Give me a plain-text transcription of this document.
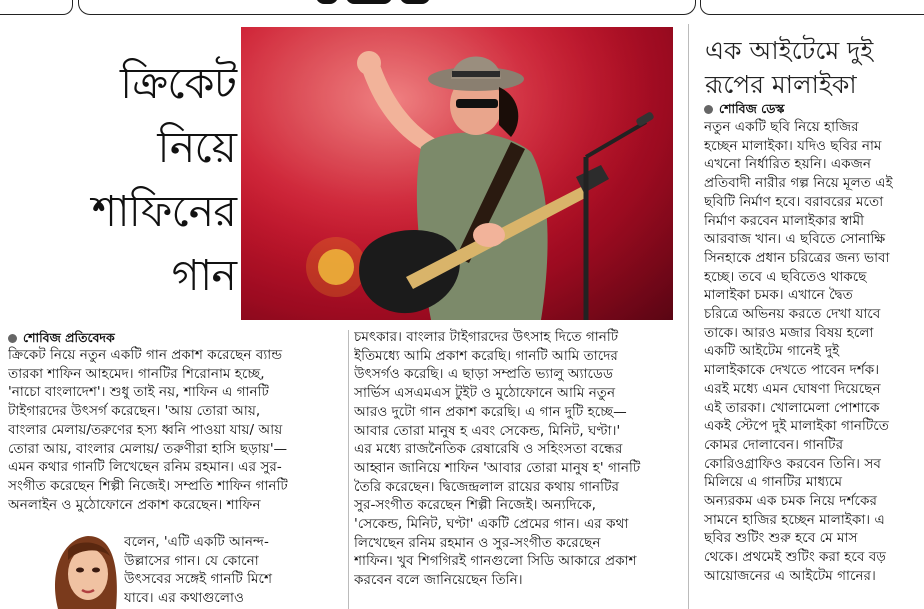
ক্রিকেট
নিয়ে
শাফিনের
গান
শোবিজ প্রতিবেদক
ক্রিকেট নিয়ে নতুন একটি গান প্রকাশ করেছেন ব্যান্ড
তারকা শাফিন আহমেদ। গানটির শিরোনাম হচ্ছে,
'নাচো বাংলাদেশ'। শুধু তাই নয়, শাফিন এ গানটি
টাইগারদের উৎসর্গ করেছেন। 'আয় তোরা আয়,
বাংলার মেলায়/তরুণের হস্য ধ্বনি পাওয়া যায়/ আয়
তোরা আয়, বাংলার মেলায়/ তরুণীরা হাসি ছড়ায়'—
এমন কথার গানটি লিখেছেন রনিম রহমান। এর সুর-
সংগীত করেছেন শিল্পী নিজেই। সম্প্রতি শাফিন গানটি
অনলাইন ও মুঠোফোনে প্রকাশ করেছেন। শাফিন
বলেন, 'এটি একটি আনন্দ-
উল্লাসের গান। যে কোনো
উৎসবের সঙ্গেই গানটি মিশে
যাবে। এর কথাগুলোও
চমৎকার। বাংলার টাইগারদের উৎসাহ দিতে গানটি
ইতিমধ্যে আমি প্রকাশ করেছি। গানটি আমি তাদের
উৎসর্গও করেছি। এ ছাড়া সম্প্রতি ভ্যালু অ্যাডেড
সার্ভিস এসএমএস টুইট ও মুঠোফোনে আমি নতুন
আরও দুটো গান প্রকাশ করেছি। এ গান দুটি হচ্ছে—
আবার তোরা মানুষ হ এবং সেকেন্ড, মিনিট, ঘণ্টা।'
এর মধ্যে রাজনৈতিক রেষারেষি ও সহিংসতা বন্ধের
আহ্বান জানিয়ে শাফিন 'আবার তোরা মানুষ হ' গানটি
তৈরি করেছেন। দ্বিজেন্দ্রলাল রায়ের কথায় গানটির
সুর-সংগীত করেছেন শিল্পী নিজেই। অন্যদিকে,
'সেকেন্ড, মিনিট, ঘণ্টা' একটি প্রেমের গান। এর কথা
লিখেছেন রনিম রহমান ও সুর-সংগীত করেছেন
শাফিন। খুব শিগগিরই গানগুলো সিডি আকারে প্রকাশ
করবেন বলে জানিয়েছেন তিনি।
এক আইটেমে দুই
রূপের মালাইকা
শোবিজ ডেস্ক
নতুন একটি ছবি নিয়ে হাজির
হচ্ছেন মালাইকা। যদিও ছবির নাম
এখনো নির্ধারিত হয়নি। একজন
প্রতিবাদী নারীর গল্প নিয়ে মূলত এই
ছবিটি নির্মাণ হবে। বরাবরের মতো
নির্মাণ করবেন মালাইকার স্বামী
আরবাজ খান। এ ছবিতে সোনাক্ষি
সিনহাকে প্রধান চরিত্রের জন্য ভাবা
হচ্ছে। তবে এ ছবিতেও থাকছে
মালাইকা চমক। এখানে দ্বৈত
চরিত্রে অভিনয় করতে দেখা যাবে
তাকে। আরও মজার বিষয় হলো
একটি আইটেম গানেই দুই
মালাইকাকে দেখতে পাবেন দর্শক।
এরই মধ্যে এমন ঘোষণা দিয়েছেন
এই তারকা। খোলামেলা পোশাকে
একই স্টেপে দুই মালাইকা গানটিতে
কোমর দোলাবেন। গানটির
কোরিওগ্রাফিও করবেন তিনি। সব
মিলিয়ে এ গানটির মাধ্যমে
অন্যরকম এক চমক নিয়ে দর্শকের
সামনে হাজির হচ্ছেন মালাইকা। এ
ছবির শুটিং শুরু হবে মে মাস
থেকে। প্রথমেই শুটিং করা হবে বড়
আয়োজনের এ আইটেম গানের।
